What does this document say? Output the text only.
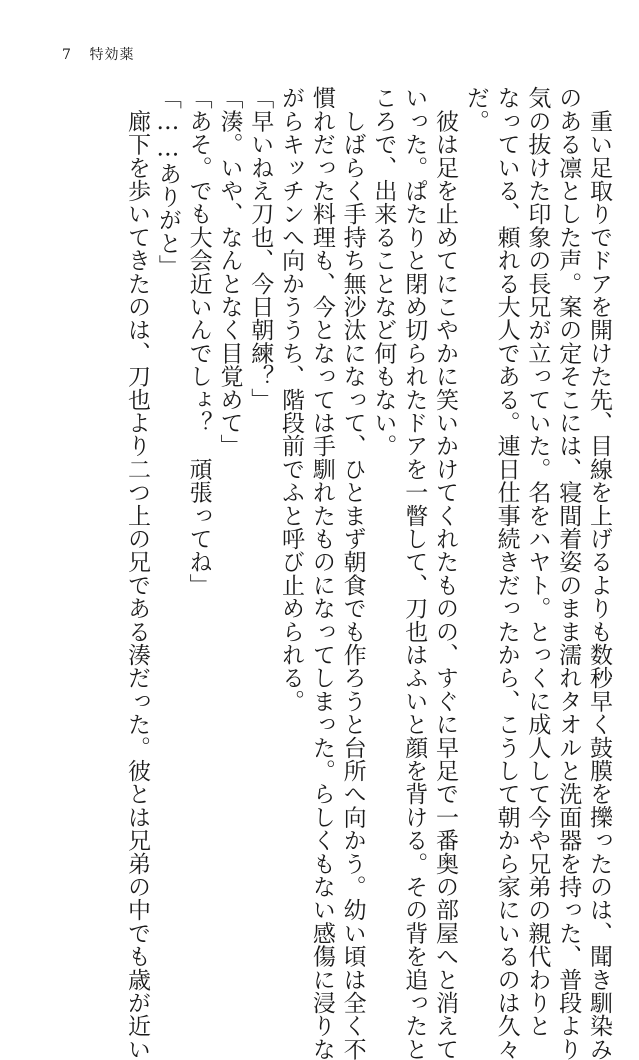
7 特効薬
　重い足取りでドアを開けた先、目線を上げるよりも数秒早く鼓膜を擽ったのは、聞き馴染み
のある凛とした声。案の定そこには、寝間着姿のまま濡れタオルと洗面器を持った、普段より
気の抜けた印象の長兄が立っていた。名をハヤト。とっくに成人して今や兄弟の親代わりと
なっている、頼れる大人である。連日仕事続きだったから、こうして朝から家にいるのは久々
だ。
　彼は足を止めてにこやかに笑いかけてくれたものの、すぐに早足で一番奥の部屋へと消えて
いった。ぱたりと閉め切られたドアを一瞥して、刀也はふいと顔を背ける。その背を追ったと
ころで、出来ることなど何もない。
　しばらく手持ち無沙汰になって、ひとまず朝食でも作ろうと台所へ向かう。幼い頃は全く不
慣れだった料理も、今となっては手馴れたものになってしまった。らしくもない感傷に浸りな
がらキッチンへ向かううち、階段前でふと呼び止められる。
「早いねえ刀也、今日朝練？」
「湊。いや、なんとなく目覚めて」
「あそ。でも大会近いんでしょ？　頑張ってね」
「……ありがと」
　廊下を歩いてきたのは、刀也より二つ上の兄である湊だった。彼とは兄弟の中でも歳が近い
